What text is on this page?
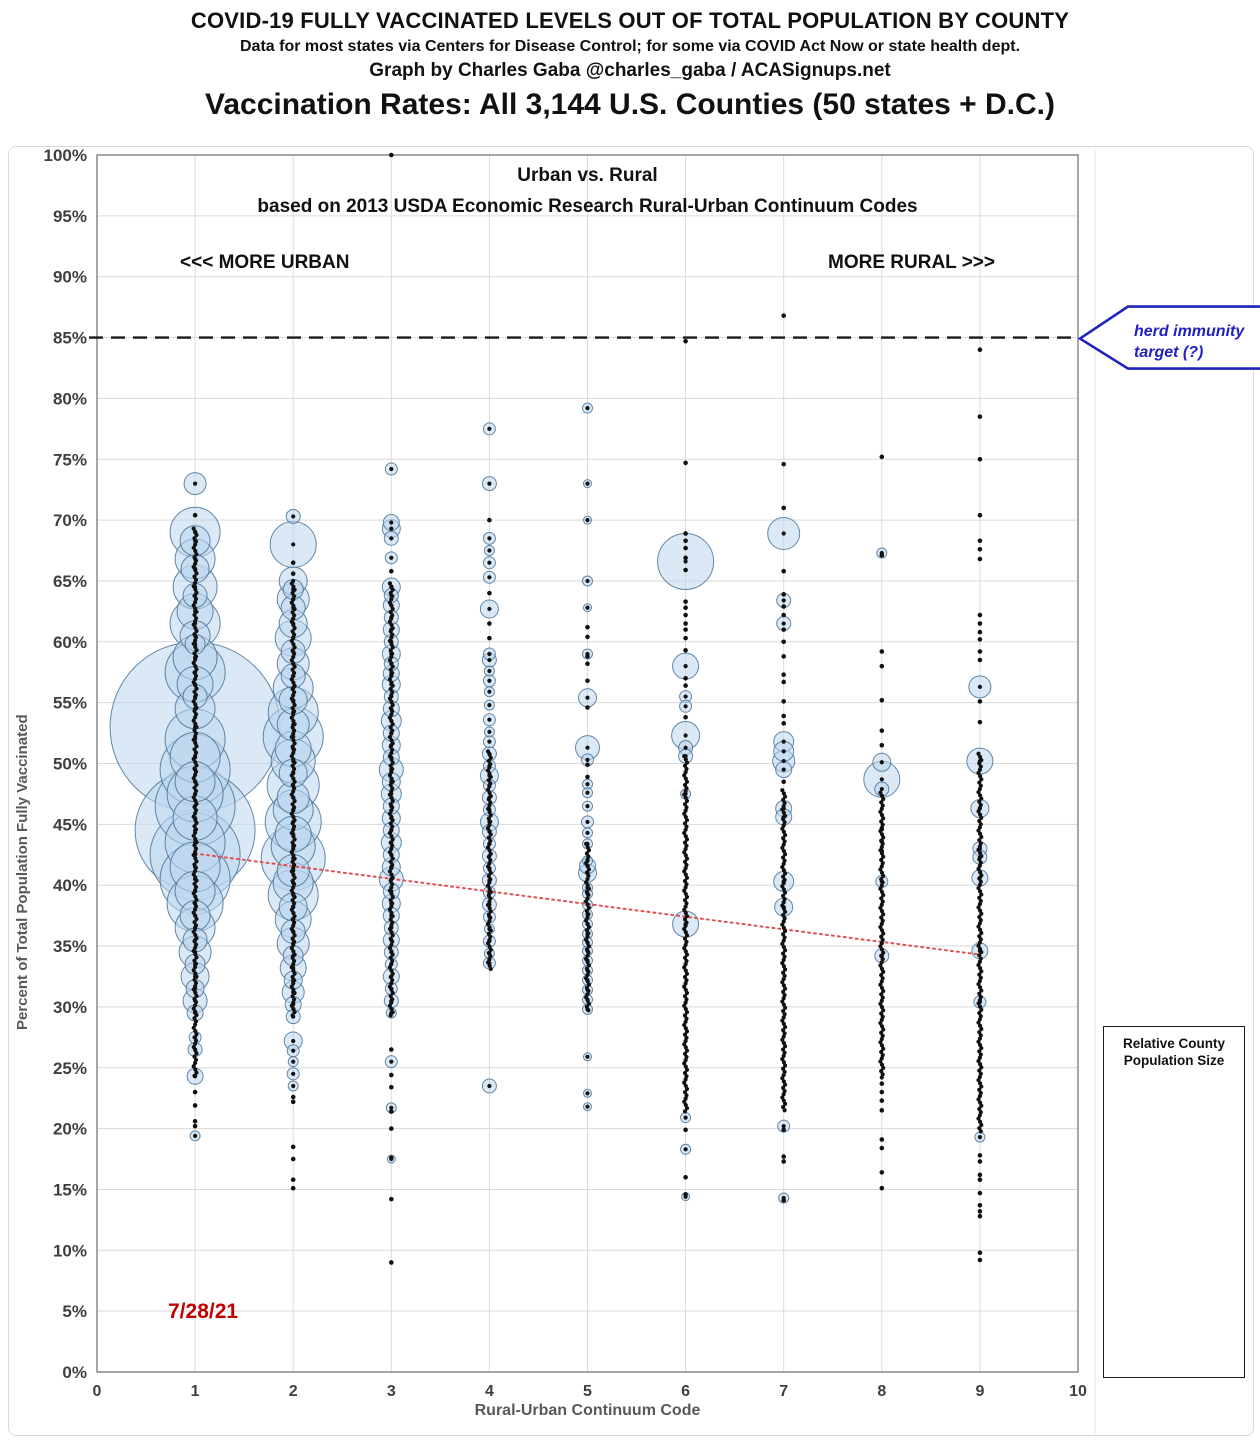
COVID-19 FULLY VACCINATED LEVELS OUT OF TOTAL POPULATION BY COUNTY
Data for most states via Centers for Disease Control; for some via COVID Act Now or state health dept.
Graph by Charles Gaba @charles_gaba / ACASignups.net
Vaccination Rates: All 3,144 U.S. Counties (50 states + D.C.)
0%
5%
10%
15%
20%
25%
30%
35%
40%
45%
50%
55%
60%
65%
70%
75%
80%
85%
90%
95%
100%
0	1	2	3	4	5	6	7	8	9	10
Urban vs. Rural
based on 2013 USDA Economic Research Rural-Urban Continuum Codes
<<< MORE URBAN	MORE RURAL >>>
7/28/21
herd immunity
target (?)
Percent of Total Population Fully Vaccinated
Rural-Urban Continuum Code
Relative County
Population Size
